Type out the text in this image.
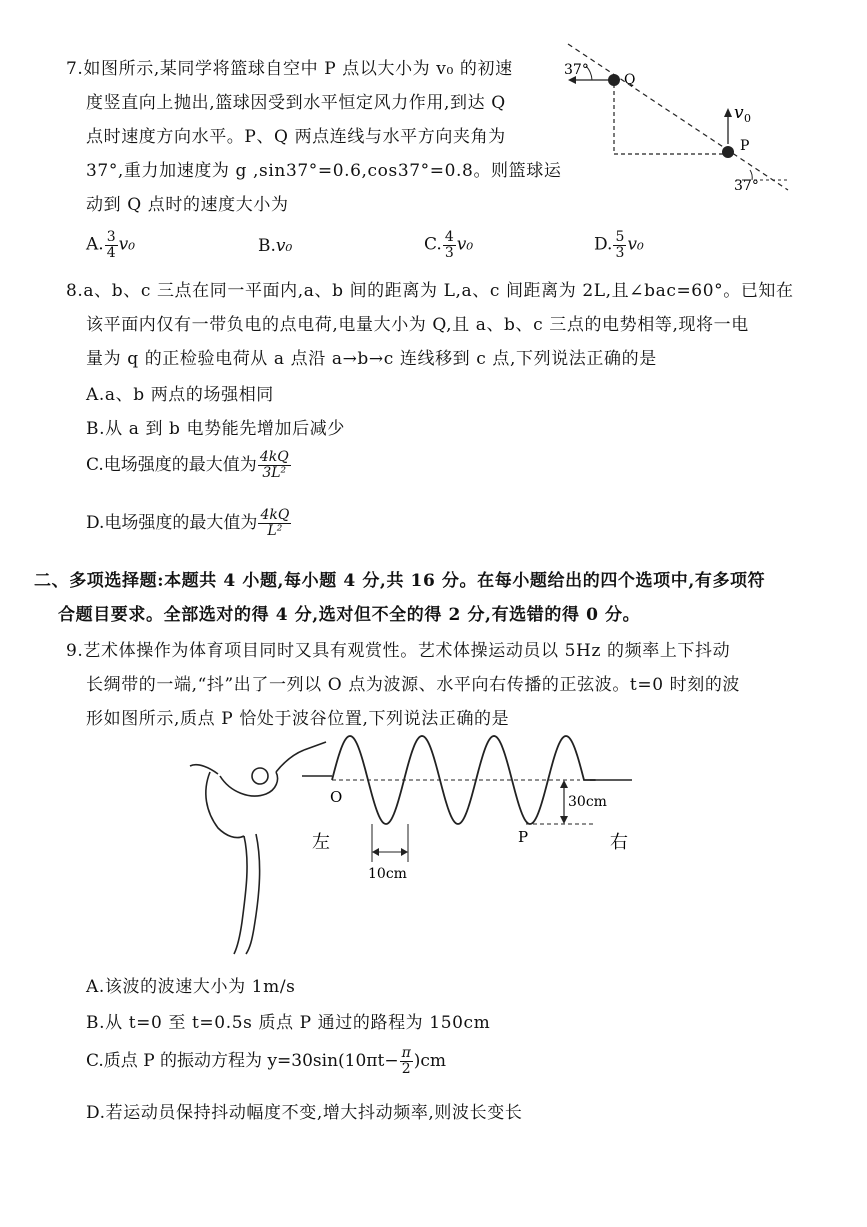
7.如图所示,某同学将篮球自空中 P 点以大小为 v₀ 的初速
度竖直向上抛出,篮球因受到水平恒定风力作用,到达 Q
点时速度方向水平。P、Q 两点连线与水平方向夹角为
37°,重力加速度为 g ,sin37°=0.6,cos37°=0.8。则篮球运
动到 Q 点时的速度大小为
A. $\frac{3}{4} v_0$	B.v₀	C. $\frac{4}{3} v_0$	D. $\frac{5}{3} v_0$
37°
Q
P
v 0
37°
8.a、b、c 三点在同一平面内,a、b 间的距离为 L,a、c 间距离为 2L,且∠bac=60°。已知在
该平面内仅有一带负电的点电荷,电量大小为 Q,且 a、b、c 三点的电势相等,现将一电
量为 q 的正检验电荷从 a 点沿 a→b→c 连线移到 c 点,下列说法正确的是
A.a、b 两点的场强相同
B.从 a 到 b 电势能先增加后减少
C.电场强度的最大值为 $\frac{4kQ}{\text{3L²}}$
D.电场强度的最大值为 $\frac{4kQ}{\text{L²}}$
二、多项选择题:本题共 4 小题,每小题 4 分,共 16 分。在每小题给出的四个选项中,有多项符
合题目要求。全部选对的得 4 分,选对但不全的得 2 分,有选错的得 0 分。
9.艺术体操作为体育项目同时又具有观赏性。艺术体操运动员以 5Hz 的频率上下抖动
长绸带的一端,“抖”出了一列以 O 点为波源、水平向右传播的正弦波。t=0 时刻的波
形如图所示,质点 P 恰处于波谷位置,下列说法正确的是
O
P
左	右
30cm
10cm
A.该波的波速大小为 1m/s
B.从 t=0 至 t=0.5s 质点 P 通过的路程为 150cm
C.质点 P 的振动方程为 $y=30\sin(10\pi t- \frac{\pi}{2} )cm$
D.若运动员保持抖动幅度不变,增大抖动频率,则波长变长
